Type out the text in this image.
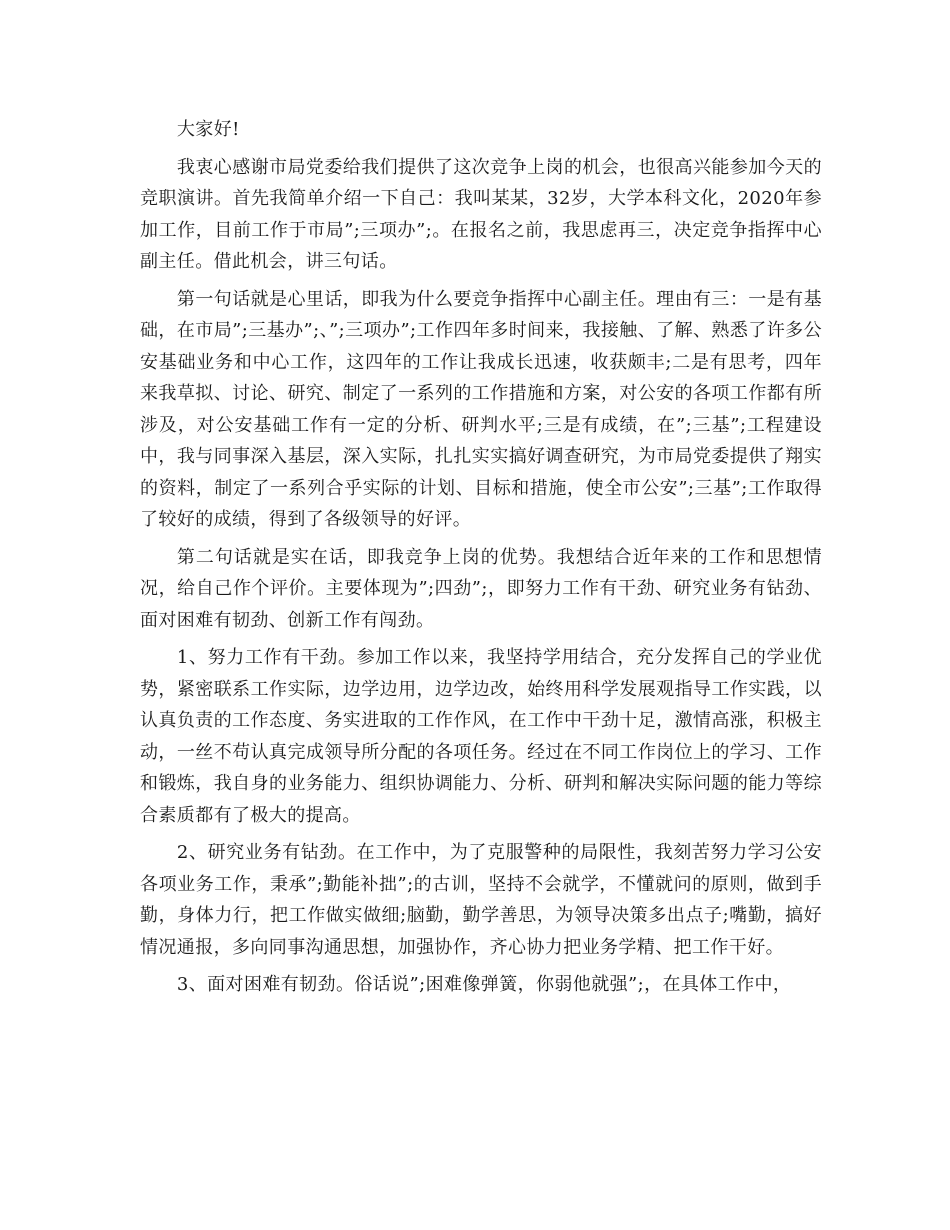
大家好!

我衷心感谢市局党委给我们提供了这次竞争上岗的机会，也很高兴能参加今天的竞职演讲。首先我简单介绍一下自己：我叫某某，32岁，大学本科文化，2020年参加工作，目前工作于市局”;三项办”;。在报名之前，我思虑再三，决定竞争指挥中心副主任。借此机会，讲三句话。

第一句话就是心里话，即我为什么要竞争指挥中心副主任。理由有三：一是有基础，在市局”;三基办”;、”;三项办”;工作四年多时间来，我接触、了解、熟悉了许多公安基础业务和中心工作，这四年的工作让我成长迅速，收获颇丰;二是有思考，四年来我草拟、讨论、研究、制定了一系列的工作措施和方案，对公安的各项工作都有所涉及，对公安基础工作有一定的分析、研判水平;三是有成绩，在”;三基”;工程建设中，我与同事深入基层，深入实际，扎扎实实搞好调查研究，为市局党委提供了翔实的资料，制定了一系列合乎实际的计划、目标和措施，使全市公安”;三基”;工作取得了较好的成绩，得到了各级领导的好评。

第二句话就是实在话，即我竞争上岗的优势。我想结合近年来的工作和思想情况，给自己作个评价。主要体现为”;四劲”;，即努力工作有干劲、研究业务有钻劲、面对困难有韧劲、创新工作有闯劲。

1、努力工作有干劲。参加工作以来，我坚持学用结合，充分发挥自己的学业优势，紧密联系工作实际，边学边用，边学边改，始终用科学发展观指导工作实践，以认真负责的工作态度、务实进取的工作作风，在工作中干劲十足，激情高涨，积极主动，一丝不苟认真完成领导所分配的各项任务。经过在不同工作岗位上的学习、工作和锻炼，我自身的业务能力、组织协调能力、分析、研判和解决实际问题的能力等综合素质都有了极大的提高。

2、研究业务有钻劲。在工作中，为了克服警种的局限性，我刻苦努力学习公安各项业务工作，秉承”;勤能补拙”;的古训，坚持不会就学，不懂就问的原则，做到手勤，身体力行，把工作做实做细;脑勤，勤学善思，为领导决策多出点子;嘴勤，搞好情况通报，多向同事沟通思想，加强协作，齐心协力把业务学精、把工作干好。

3、面对困难有韧劲。俗话说”;困难像弹簧，你弱他就强”;，在具体工作中，
